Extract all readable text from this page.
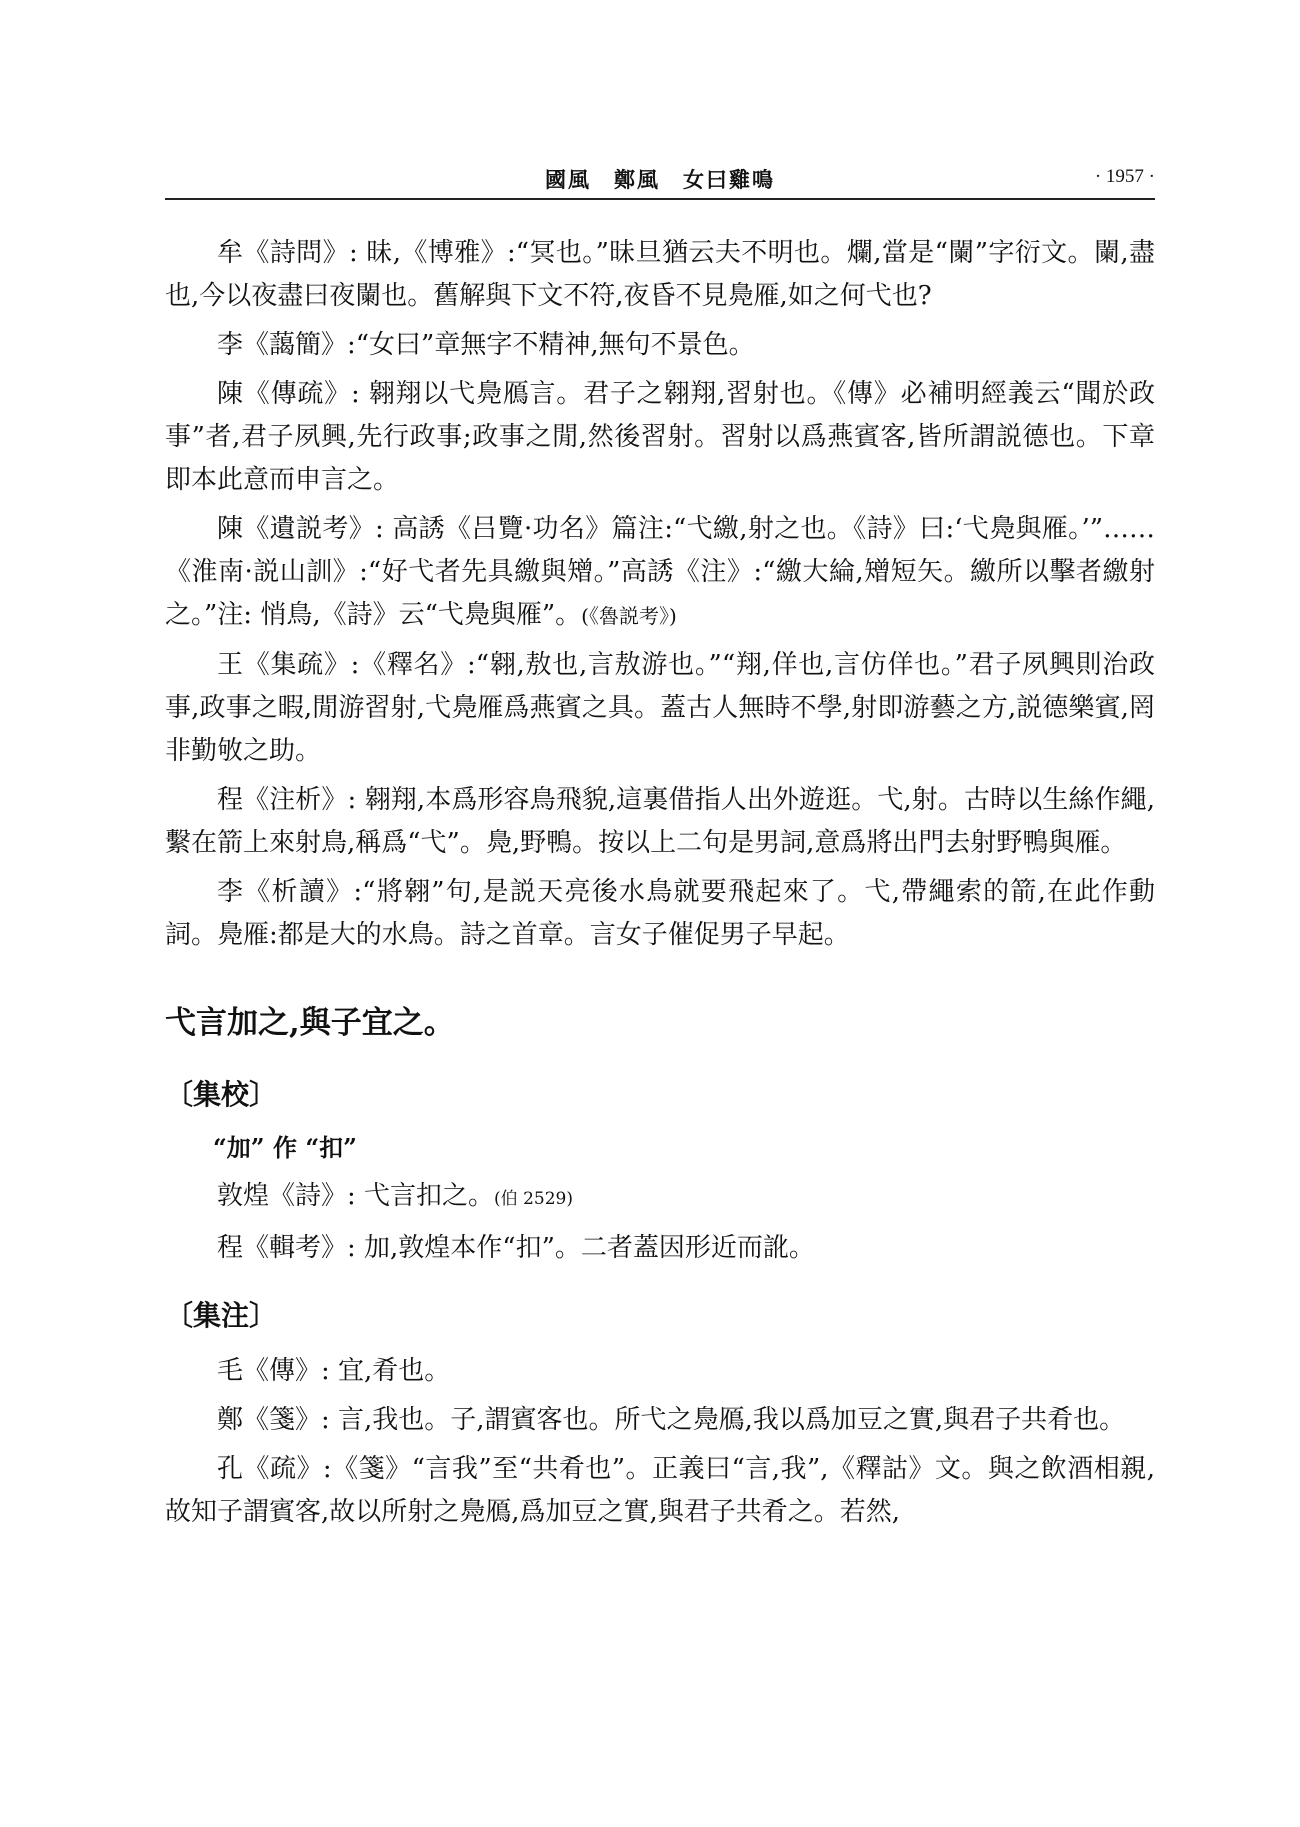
國風　鄭風　女曰雞鳴	· 1957 ·

牟《詩問》: 昧,《博雅》:“冥也。”昧旦猶云夫不明也。爛,當是“闌”字衍文。闌,盡也,今以夜盡曰夜闌也。舊解與下文不符,夜昏不見鳧雁,如之何弋也?

李《藹簡》:“女曰”章無字不精神,無句不景色。

陳《傳疏》: 翱翔以弋鳧鴈言。君子之翱翔,習射也。《傳》必補明經義云“聞於政事”者,君子夙興,先行政事;政事之閒,然後習射。習射以爲燕賓客,皆所謂説德也。下章即本此意而申言之。

陳《遺説考》: 高誘《吕覽·功名》篇注:“弋繳,射之也。《詩》曰:‘弋鳧與雁。’”……《淮南·説山訓》:“好弋者先具繳與矰。”高誘《注》:“繳大綸,矰短矢。繳所以擊者繳射之。”注: 悄鳥,《詩》云“弋鳧與雁”。(《魯説考》)

王《集疏》:《釋名》:“翱,敖也,言敖游也。”“翔,佯也,言仿佯也。”君子夙興則治政事,政事之暇,閒游習射,弋鳧雁爲燕賓之具。蓋古人無時不學,射即游藝之方,説德樂賓,罔非勤敂之助。

程《注析》: 翱翔,本爲形容鳥飛貌,這裏借指人出外遊逛。弋,射。古時以生絲作繩,繫在箭上來射鳥,稱爲“弋”。鳧,野鴨。按以上二句是男詞,意爲將出門去射野鴨與雁。

李《析讀》:“將翱”句,是説天亮後水鳥就要飛起來了。弋,帶繩索的箭,在此作動詞。鳧雁:都是大的水鳥。詩之首章。言女子催促男子早起。

弋言加之,與子宜之。
〔集校〕
“加” 作 “扣”

敦煌《詩》: 弋言扣之。(伯 2529)

程《輯考》: 加,敦煌本作“扣”。二者蓋因形近而訛。

〔集注〕

毛《傳》: 宜,肴也。

鄭《箋》: 言,我也。子,謂賓客也。所弋之鳧鴈,我以爲加豆之實,與君子共肴也。

孔《疏》:《箋》“言我”至“共肴也”。正義曰“言,我”,《釋詁》文。與之飲酒相親,故知子謂賓客,故以所射之鳧鴈,爲加豆之實,與君子共肴之。若然,
